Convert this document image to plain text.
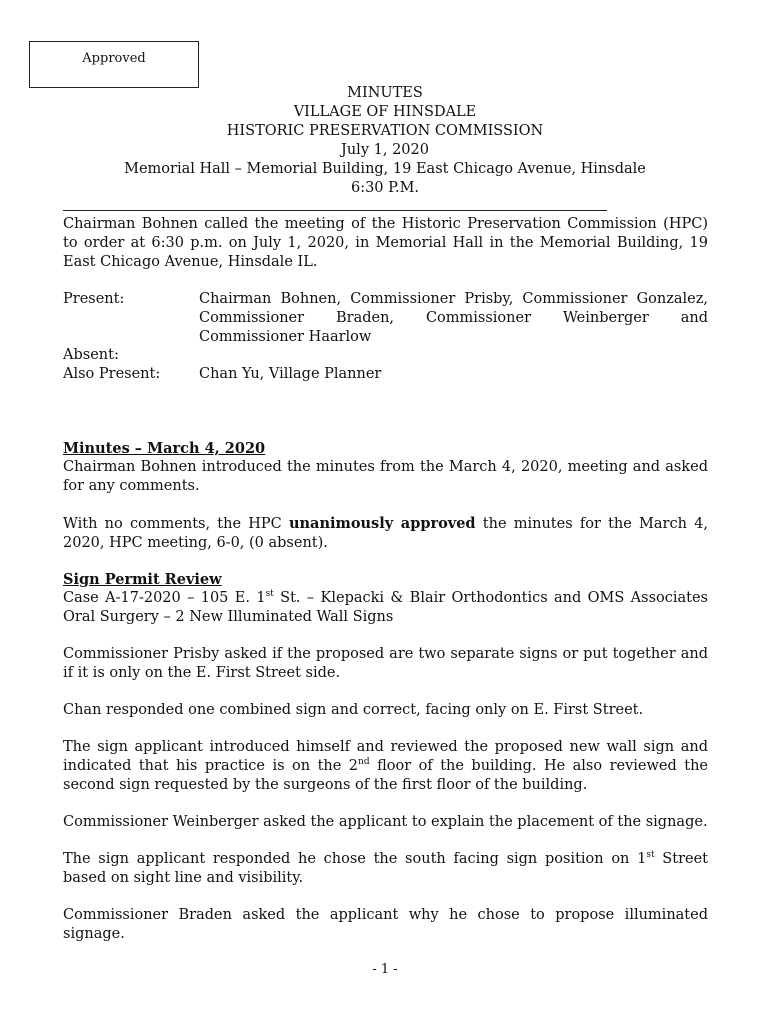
Approved
MINUTES
VILLAGE OF HINSDALE
HISTORIC PRESERVATION COMMISSION
July 1, 2020
Memorial Hall – Memorial Building, 19 East Chicago Avenue, Hinsdale
6:30 P.M.

Chairman Bohnen called the meeting of the Historic Preservation Commission (HPC) to order at 6:30 p.m. on July 1, 2020, in Memorial Hall in the Memorial Building, 19 East Chicago Avenue, Hinsdale IL.

Present:	Chairman Bohnen, Commissioner Prisby, Commissioner Gonzalez, Commissioner Braden, Commissioner Weinberger and Commissioner Haarlow
Absent:
Also Present:	Chan Yu, Village Planner
Minutes – March 4, 2020

Chairman Bohnen introduced the minutes from the March 4, 2020, meeting and asked for any comments.

With no comments, the HPC unanimously approved the minutes for the March 4, 2020, HPC meeting, 6-0, (0 absent).

Sign Permit Review

Case A-17-2020 – 105 E. 1st St. – Klepacki & Blair Orthodontics and OMS Associates Oral Surgery – 2 New Illuminated Wall Signs

Commissioner Prisby asked if the proposed are two separate signs or put together and if it is only on the E. First Street side.

Chan responded one combined sign and correct, facing only on E. First Street.

The sign applicant introduced himself and reviewed the proposed new wall sign and indicated that his practice is on the 2nd floor of the building. He also reviewed the second sign requested by the surgeons of the first floor of the building.

Commissioner Weinberger asked the applicant to explain the placement of the signage.

The sign applicant responded he chose the south facing sign position on 1st Street based on sight line and visibility.

Commissioner Braden asked the applicant why he chose to propose illuminated signage.

- 1 -
